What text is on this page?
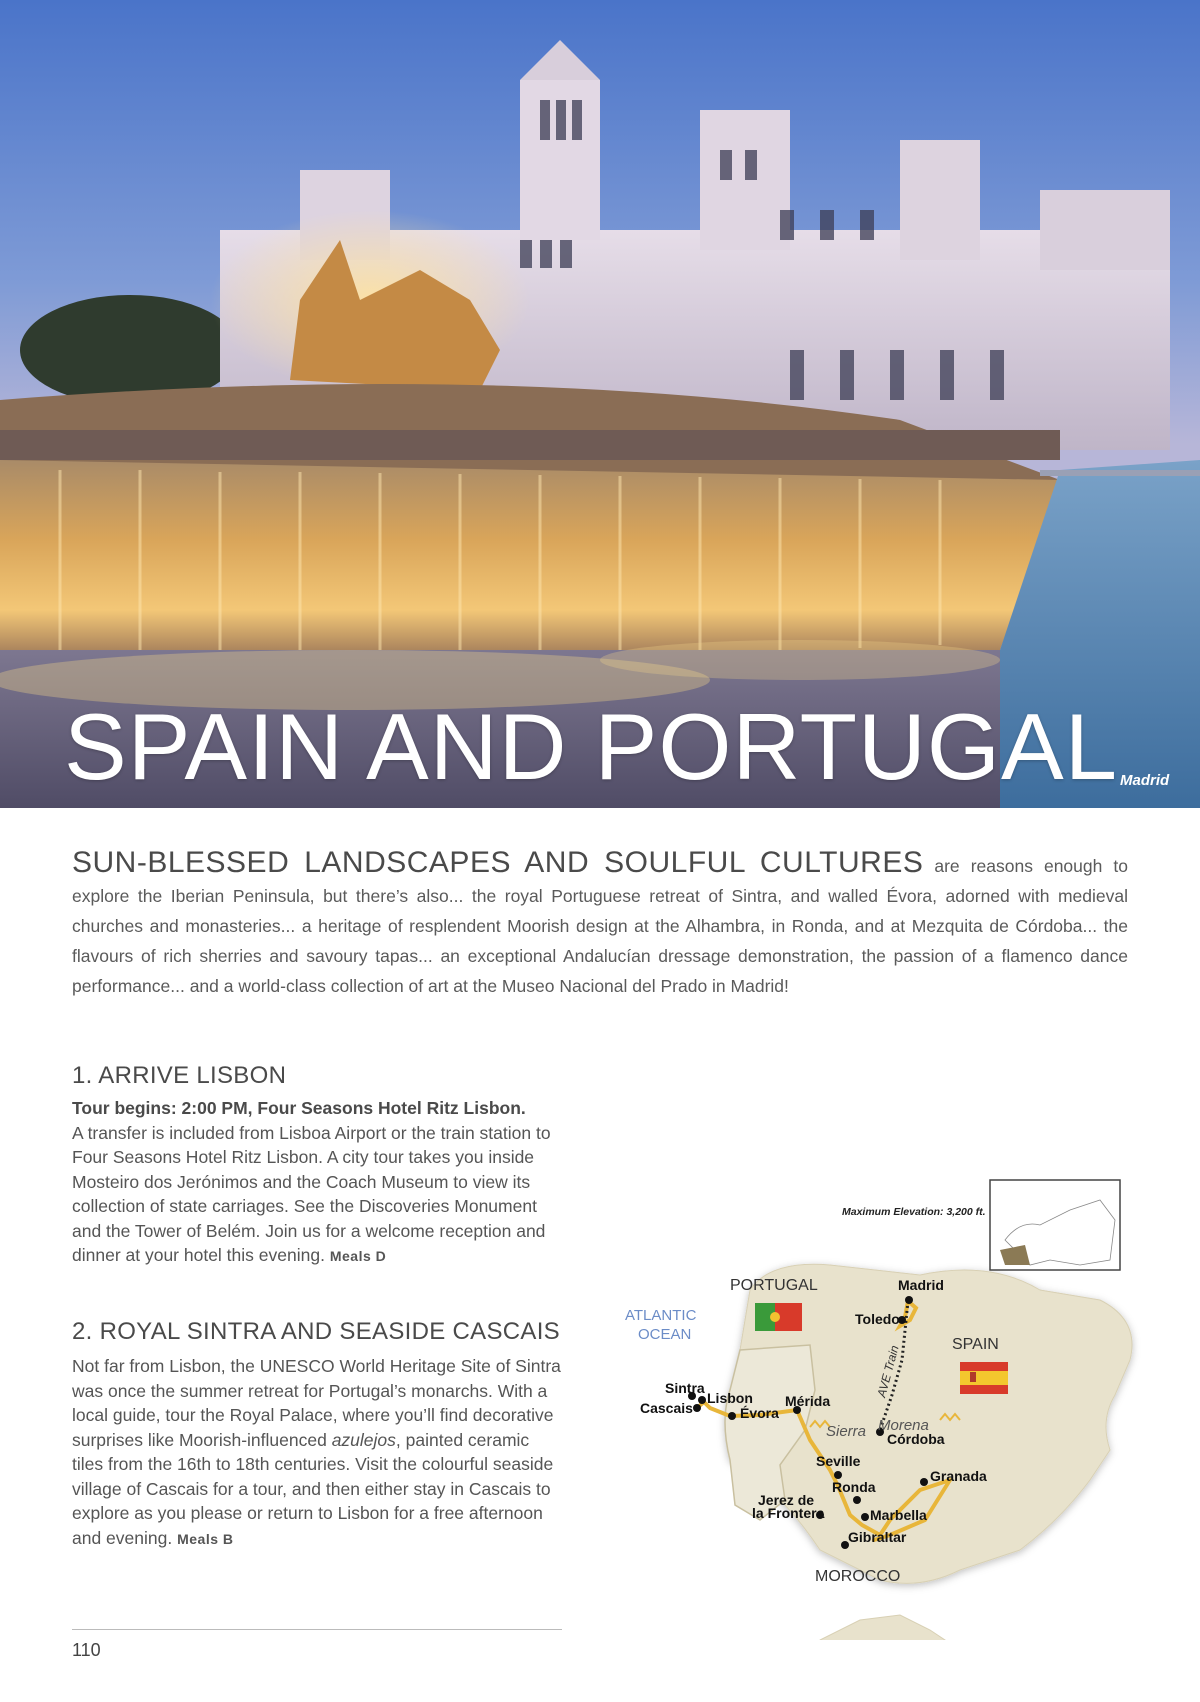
SPAIN AND PORTUGAL Madrid
SUN-BLESSED LANDSCAPES AND SOULFUL CULTURES are reasons enough to explore the Iberian Peninsula, but there’s also... the royal Portuguese retreat of Sintra, and walled Évora, adorned with medieval churches and monasteries... a heritage of resplendent Moorish design at the Alhambra, in Ronda, and at Mezquita de Córdoba... the flavours of rich sherries and savoury tapas... an exceptional Andalucían dressage demonstration, the passion of a flamenco dance performance... and a world-class collection of art at the Museo Nacional del Prado in Madrid!
1. ARRIVE LISBON
Tour begins: 2:00 PM, Four Seasons Hotel Ritz Lisbon.
A transfer is included from Lisboa Airport or the train station to Four Seasons Hotel Ritz Lisbon. A city tour takes you inside Mosteiro dos Jerónimos and the Coach Museum to view its collection of state carriages. See the Discoveries Monument and the Tower of Belém. Join us for a welcome reception and dinner at your hotel this evening. Meals D
2. ROYAL SINTRA AND SEASIDE CASCAIS
Not far from Lisbon, the UNESCO World Heritage Site of Sintra was once the summer retreat for Portugal’s monarchs. With a local guide, tour the Royal Palace, where you’ll find decorative surprises like Moorish-influenced azulejos, painted ceramic tiles from the 16th to 18th centuries. Visit the colourful seaside village of Cascais for a tour, and then either stay in Cascais to explore as you please or return to Lisbon for a free afternoon and evening. Meals B
Maximum Elevation: 3,200 ft.
ATLANTIC
OCEAN
PORTUGAL
SPAIN
MOROCCO
AVE Train
Sierra Morena
Madrid
Toledo
Sintra
Cascais
Lisbon
Évora
Mérida
Córdoba
Seville
Ronda
Granada
Jerez de
la Frontera	Marbella
Gibraltar
110
